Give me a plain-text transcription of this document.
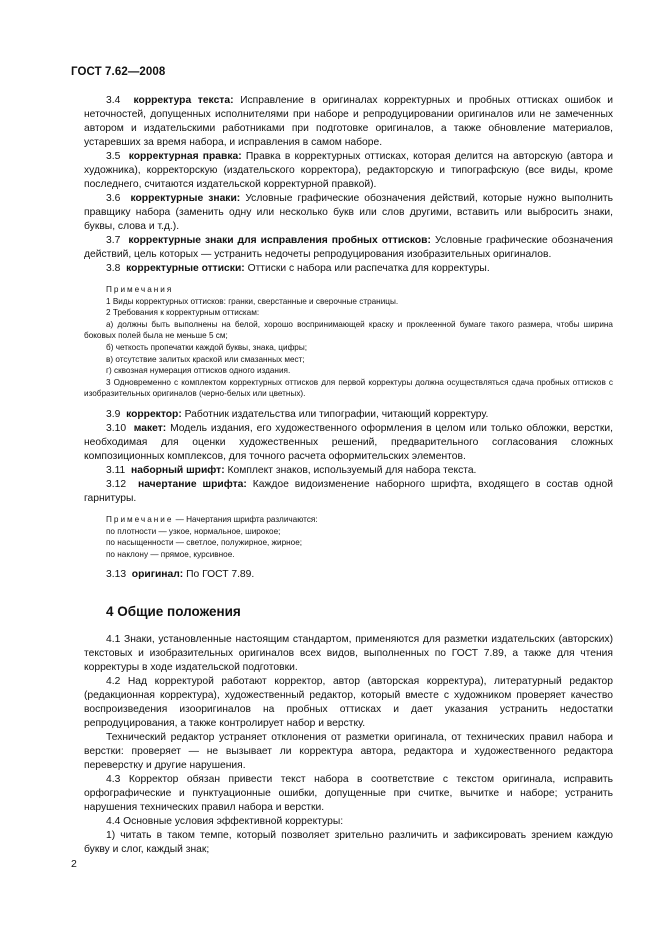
ГОСТ 7.62—2008

3.4 корректура текста: Исправление в оригиналах корректурных и пробных оттисках ошибок и неточностей, допущенных исполнителями при наборе и репродуцировании оригиналов или не замеченных автором и издательскими работниками при подготовке оригиналов, а также обновление материалов, устаревших за время набора, и исправления в самом наборе.

3.5 корректурная правка: Правка в корректурных оттисках, которая делится на авторскую (автора и художника), корректорскую (издательского корректора), редакторскую и типографскую (все виды, кроме последнего, считаются издательской корректурной правкой).

3.6 корректурные знаки: Условные графические обозначения действий, которые нужно выполнить правщику набора (заменить одну или несколько букв или слов другими, вставить или выбросить знаки, буквы, слова и т.д.).

3.7 корректурные знаки для исправления пробных оттисков: Условные графические обозначения действий, цель которых — устранить недочеты репродуцирования изобразительных оригиналов.

3.8 корректурные оттиски: Оттиски с набора или распечатка для корректуры.

Примечания

1 Виды корректурных оттисков: гранки, сверстанные и сверочные страницы.

2 Требования к корректурным оттискам:

а) должны быть выполнены на белой, хорошо воспринимающей краску и проклеенной бумаге такого размера, чтобы ширина боковых полей была не меньше 5 см;

б) четкость пропечатки каждой буквы, знака, цифры;

в) отсутствие залитых краской или смазанных мест;

г) сквозная нумерация оттисков одного издания.

3 Одновременно с комплектом корректурных оттисков для первой корректуры должна осуществляться сдача пробных оттисков с изобразительных оригиналов (черно-белых или цветных).

3.9 корректор: Работник издательства или типографии, читающий корректуру.

3.10 макет: Модель издания, его художественного оформления в целом или только обложки, верстки, необходимая для оценки художественных решений, предварительного согласования сложных композиционных комплексов, для точного расчета оформительских элементов.

3.11 наборный шрифт: Комплект знаков, используемый для набора текста.

3.12 начертание шрифта: Каждое видоизменение наборного шрифта, входящего в состав одной гарнитуры.

Примечание — Начертания шрифта различаются:

по плотности — узкое, нормальное, широкое;

по насыщенности — светлое, полужирное, жирное;

по наклону — прямое, курсивное.

3.13 оригинал: По ГОСТ 7.89.

4 Общие положения

4.1 Знаки, установленные настоящим стандартом, применяются для разметки издательских (авторских) текстовых и изобразительных оригиналов всех видов, выполненных по ГОСТ 7.89, а также для чтения корректуры в ходе издательской подготовки.

4.2 Над корректурой работают корректор, автор (авторская корректура), литературный редактор (редакционная корректура), художественный редактор, который вместе с художником проверяет качество воспроизведения изооригиналов на пробных оттисках и дает указания устранить недостатки репродуцирования, а также контролирует набор и верстку.

Технический редактор устраняет отклонения от разметки оригинала, от технических правил набора и верстки: проверяет — не вызывает ли корректура автора, редактора и художественного редактора переверстку и другие нарушения.

4.3 Корректор обязан привести текст набора в соответствие с текстом оригинала, исправить орфографические и пунктуационные ошибки, допущенные при считке, вычитке и наборе; устранить нарушения технических правил набора и верстки.

4.4 Основные условия эффективной корректуры:

1) читать в таком темпе, который позволяет зрительно различить и зафиксировать зрением каждую букву и слог, каждый знак;

2
